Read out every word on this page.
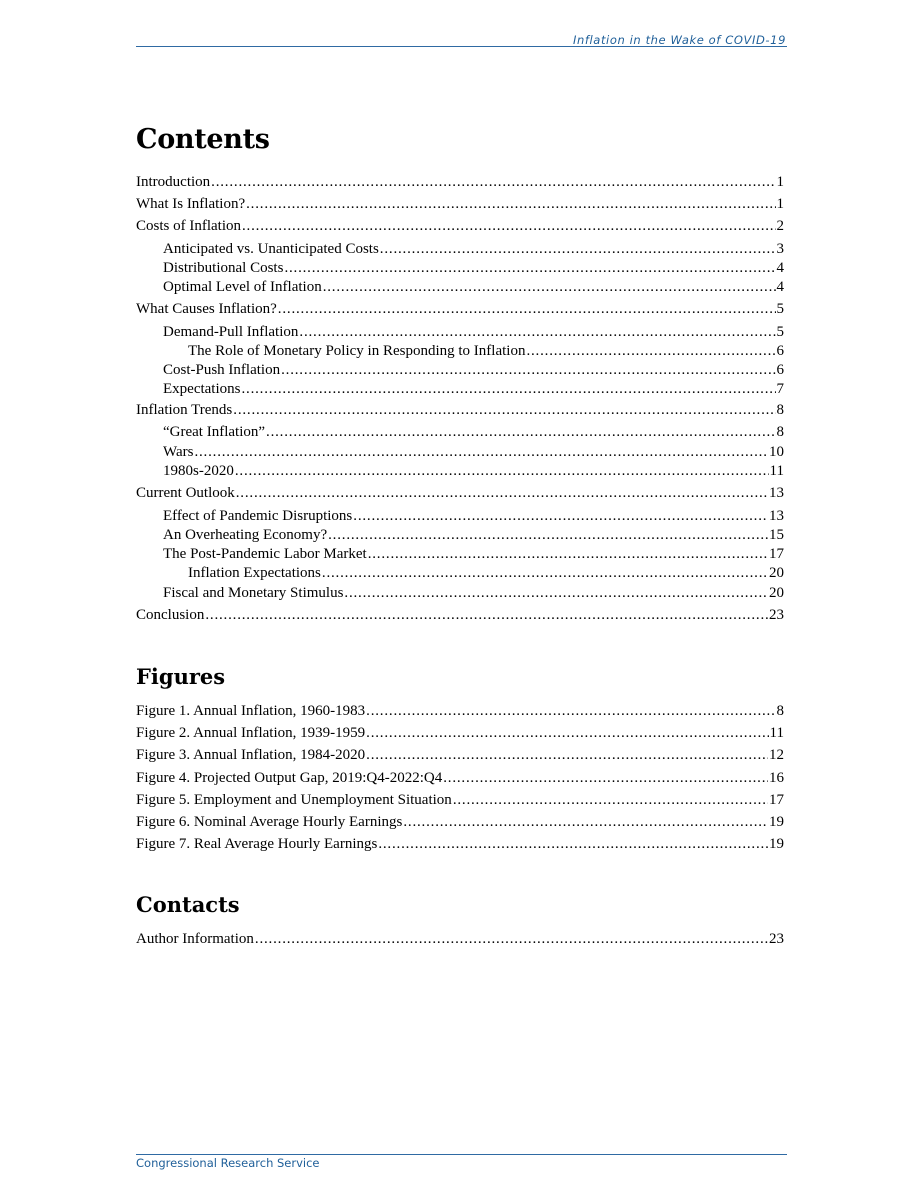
Inflation in the Wake of COVID-19
Contents
Introduction .....	1
What Is Inflation? .....	1
Costs of Inflation .....	2
Anticipated vs. Unanticipated Costs .....	3
Distributional Costs .....	4
Optimal Level of Inflation .....	4
What Causes Inflation? .....	5
Demand-Pull Inflation .....	5
The Role of Monetary Policy in Responding to Inflation .....	6
Cost-Push Inflation .....	6
Expectations .....	7
Inflation Trends .....	8
“Great Inflation” .....	8
Wars .....	10
1980s-2020 .....	11
Current Outlook .....	13
Effect of Pandemic Disruptions .....	13
An Overheating Economy? .....	15
The Post-Pandemic Labor Market .....	17
Inflation Expectations .....	20
Fiscal and Monetary Stimulus .....	20
Conclusion .....	23
Figures
Figure 1. Annual Inflation, 1960-1983 .....	8
Figure 2. Annual Inflation, 1939-1959 .....	11
Figure 3. Annual Inflation, 1984-2020 .....	12
Figure 4. Projected Output Gap, 2019:Q4-2022:Q4 .....	16
Figure 5. Employment and Unemployment Situation .....	17
Figure 6. Nominal Average Hourly Earnings .....	19
Figure 7. Real Average Hourly Earnings .....	19
Contacts
Author Information .....	23
Congressional Research Service
